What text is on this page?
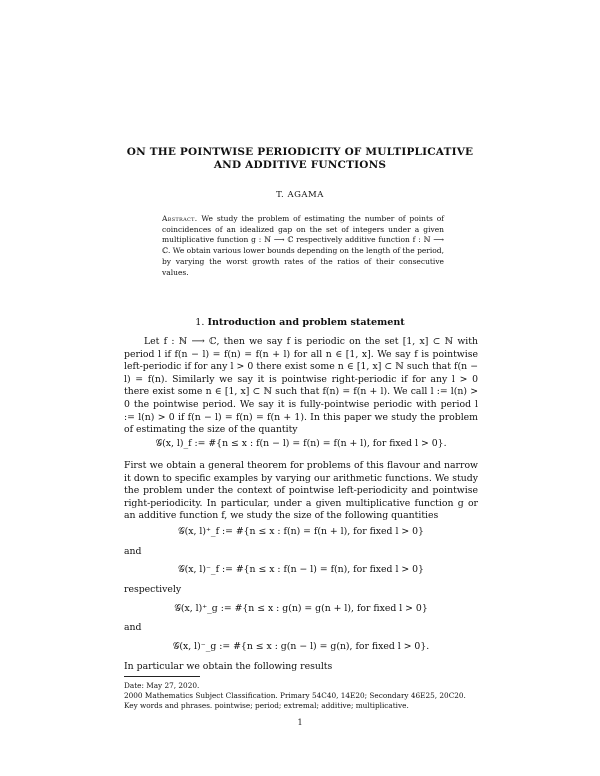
ON THE POINTWISE PERIODICITY OF MULTIPLICATIVE
AND ADDITIVE FUNCTIONS
T. AGAMA
Abstract. We study the problem of estimating the number of points of coincidences of an idealized gap on the set of integers under a given multiplicative function g : ℕ ⟶ ℂ respectively additive function f : ℕ ⟶ ℂ. We obtain various lower bounds depending on the length of the period, by varying the worst growth rates of the ratios of their consecutive values.
1. Introduction and problem statement

Let f : ℕ ⟶ ℂ, then we say f is periodic on the set [1, x] ⊂ ℕ with period l if f(n − l) = f(n) = f(n + l) for all n ∈ [1, x]. We say f is pointwise left-periodic if for any l > 0 there exist some n ∈ [1, x] ⊂ ℕ such that f(n − l) = f(n). Similarly we say it is pointwise right-periodic if for any l > 0 there exist some n ∈ [1, x] ⊂ ℕ such that f(n) = f(n + l). We call l := l(n) > 0 the pointwise period. We say it is fully-pointwise periodic with period l := l(n) > 0 if f(n − l) = f(n) = f(n + 1). In this paper we study the problem of estimating the size of the quantity

𝒢(x, l)_f := #{n ≤ x : f(n − l) = f(n) = f(n + l), for fixed l > 0}.

First we obtain a general theorem for problems of this flavour and narrow it down to specific examples by varying our arithmetic functions. We study the problem under the context of pointwise left-periodicity and pointwise right-periodicity. In particular, under a given multiplicative function g or an additive function f, we study the size of the following quantities

𝒢(x, l)⁺_f := #{n ≤ x : f(n) = f(n + l), for fixed l > 0}
and
𝒢(x, l)⁻_f := #{n ≤ x : f(n − l) = f(n), for fixed l > 0}
respectively
𝒢(x, l)⁺_g := #{n ≤ x : g(n) = g(n + l), for fixed l > 0}
and
𝒢(x, l)⁻_g := #{n ≤ x : g(n − l) = g(n), for fixed l > 0}.
In particular we obtain the following results
Date: May 27, 2020.
2000 Mathematics Subject Classification. Primary 54C40, 14E20; Secondary 46E25, 20C20.
Key words and phrases. pointwise; period; extremal; additive; multiplicative.
1
